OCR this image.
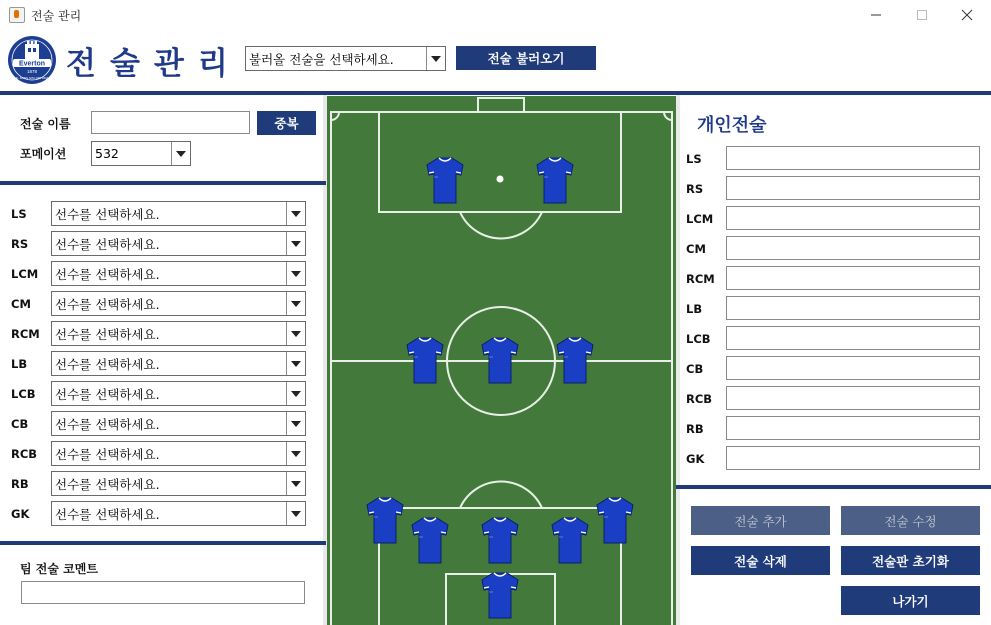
전술 관리
Everton
1878
NIL SATIS NISI OPTIMUM 전술관리 불러올 전술을 선택하세요.	전술 불러오기
전술 이름	중복
포메이션 532
LS 선수를 선택하세요.
RS 선수를 선택하세요.
LCM 선수를 선택하세요.
CM 선수를 선택하세요.
RCM 선수를 선택하세요.
LB 선수를 선택하세요.
LCB 선수를 선택하세요.
CB 선수를 선택하세요.
RCB 선수를 선택하세요.
RB 선수를 선택하세요.
GK 선수를 선택하세요.
팀 전술 코멘트
개인전술
LS
RS
LCM
CM
RCM
LB
LCB
CB
RCB
RB
GK
전술 추가	전술 수정
전술 삭제	전술판 초기화
나가기
